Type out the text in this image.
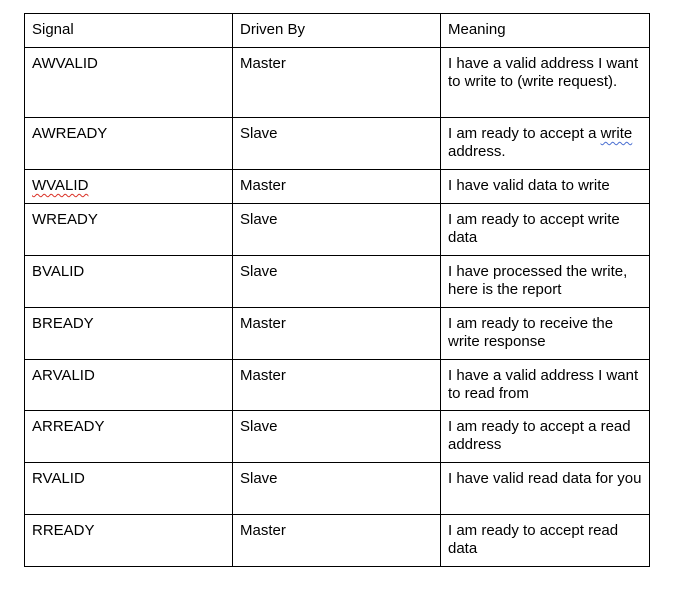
Signal	Driven By	Meaning
AWVALID	Master	I have a valid address I want to write to (write request).
AWREADY	Slave	I am ready to accept a write address.
WVALID	Master	I have valid data to write
WREADY	Slave	I am ready to accept write data
BVALID	Slave	I have processed the write, here is the report
BREADY	Master	I am ready to receive the write response
ARVALID	Master	I have a valid address I want to read from
ARREADY	Slave	I am ready to accept a read address
RVALID	Slave	I have valid read data for you
RREADY	Master	I am ready to accept read data
